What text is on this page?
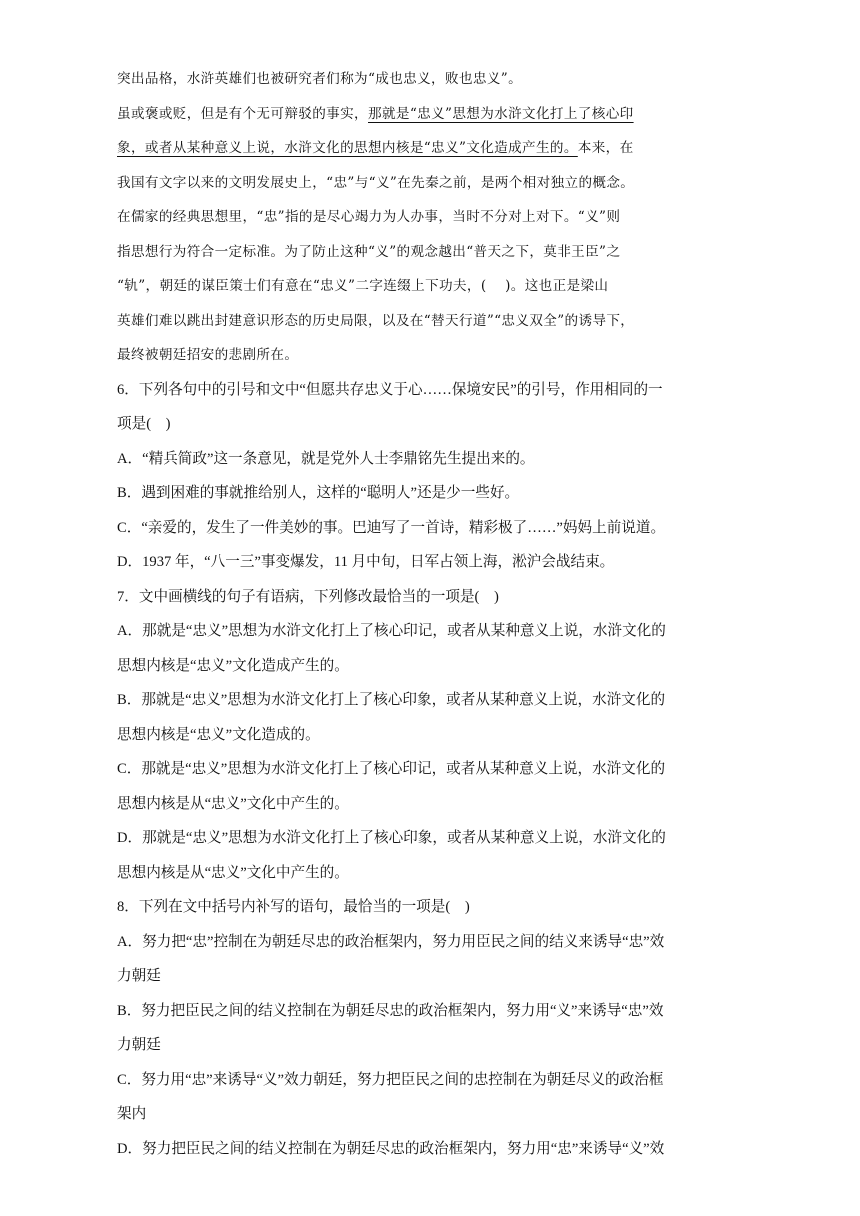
突出品格，水浒英雄们也被研究者们称为“成也忠义，败也忠义”。
虽或褒或贬，但是有个无可辩驳的事实，那就是“忠义”思想为水浒文化打上了核心印
象，或者从某种意义上说，水浒文化的思想内核是“忠义”文化造成产生的。本来，在
我国有文字以来的文明发展史上，“忠”与“义”在先秦之前，是两个相对独立的概念。
在儒家的经典思想里，“忠”指的是尽心竭力为人办事，当时不分对上对下。“义”则
指思想行为符合一定标准。为了防止这种“义”的观念越出“普天之下，莫非王臣”之
“轨”，朝廷的谋臣策士们有意在“忠义”二字连缀上下功夫，(　 )。这也正是梁山
英雄们难以跳出封建意识形态的历史局限，以及在“替天行道”“忠义双全”的诱导下，
最终被朝廷招安的悲剧所在。
6．下列各句中的引号和文中“但愿共存忠义于心……保境安民”的引号，作用相同的一
项是(　)
A．“精兵简政”这一条意见，就是党外人士李鼎铭先生提出来的。
B．遇到困难的事就推给别人，这样的“聪明人”还是少一些好。
C．“亲爱的，发生了一件美妙的事。巴迪写了一首诗，精彩极了……”妈妈上前说道。
D．1937 年，“八一三”事变爆发，11 月中旬，日军占领上海，淞沪会战结束。
7．文中画横线的句子有语病，下列修改最恰当的一项是(　)
A．那就是“忠义”思想为水浒文化打上了核心印记，或者从某种意义上说，水浒文化的
思想内核是“忠义”文化造成产生的。
B．那就是“忠义”思想为水浒文化打上了核心印象，或者从某种意义上说，水浒文化的
思想内核是“忠义”文化造成的。
C．那就是“忠义”思想为水浒文化打上了核心印记，或者从某种意义上说，水浒文化的
思想内核是从“忠义”文化中产生的。
D．那就是“忠义”思想为水浒文化打上了核心印象，或者从某种意义上说，水浒文化的
思想内核是从“忠义”文化中产生的。
8．下列在文中括号内补写的语句，最恰当的一项是(　)
A．努力把“忠”控制在为朝廷尽忠的政治框架内，努力用臣民之间的结义来诱导“忠”效
力朝廷
B．努力把臣民之间的结义控制在为朝廷尽忠的政治框架内，努力用“义”来诱导“忠”效
力朝廷
C．努力用“忠”来诱导“义”效力朝廷，努力把臣民之间的忠控制在为朝廷尽义的政治框
架内
D．努力把臣民之间的结义控制在为朝廷尽忠的政治框架内，努力用“忠”来诱导“义”效
